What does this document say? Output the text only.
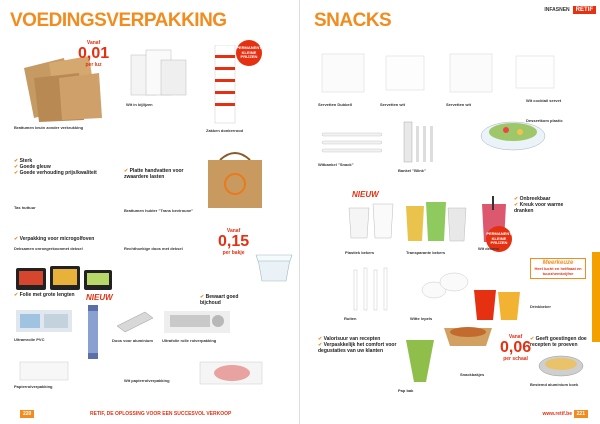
VOEDINGSVERPAKKING
Vanaf
0,01
per luz
Brattumen bruin zonder verkrukking
Wit in bijlijzen
PERMANENT KLEINE PRIJZEN
Zakken donkerrood
✔ Sterk
✔ Goede gleuw
✔ Goede verhouding prijs/kwaliteit	✔ Platte handvatten voor zwaardere lasten
Tas huttuur
Brattumen hukter "Trans beviroune"
✔ Verpakking voor microgolfoven
Deksamen onroegerkoonmet deksel
Vanaf
0,15
per bakje
Rechthoekige doos met deksel
✔ Folie met grote lengten NIEUW	✔ Bewaart goed bijchoud
Ultramrolle PVC	Doos voor aluminium	Ultrafolie rolle rolverpakking
Papierrolverpakking
Wit papierrolverpakking
220	RETIF, DE OPLOSSING VOOR EEN SUCCESVOL VERKOOP
SNACKS	INFASNEN	RETIF
Servetten Dubbell	Servetten wit	Servetten wit
Wit cocktail servet
Dessertkom plastic
Witbankel "Snack"
Bankel "Blink"
NIEUW
PERMANENT KLEINE PRIJZEN
✔ Onbreekbaar
✔ Kreuk voor warme dranken
Plastiek bekers	Transparante bekers
Wit dekens
Meerkeuze
Heel lucht en helfbaat en tuurzhemkvijfne
Ruiten	Witte lepels
Drinkbeker
✔ Valorisuur van recepten
✔ Verpaskkelijk het comfort voor degustaties van uw klanten
Vanaf
0,06
per schaal
✔ Geeft goestingen doe recepten te proeven
Pap bak
Snackbakjes
Bestemd aluminium koek
www.retif.be 221
